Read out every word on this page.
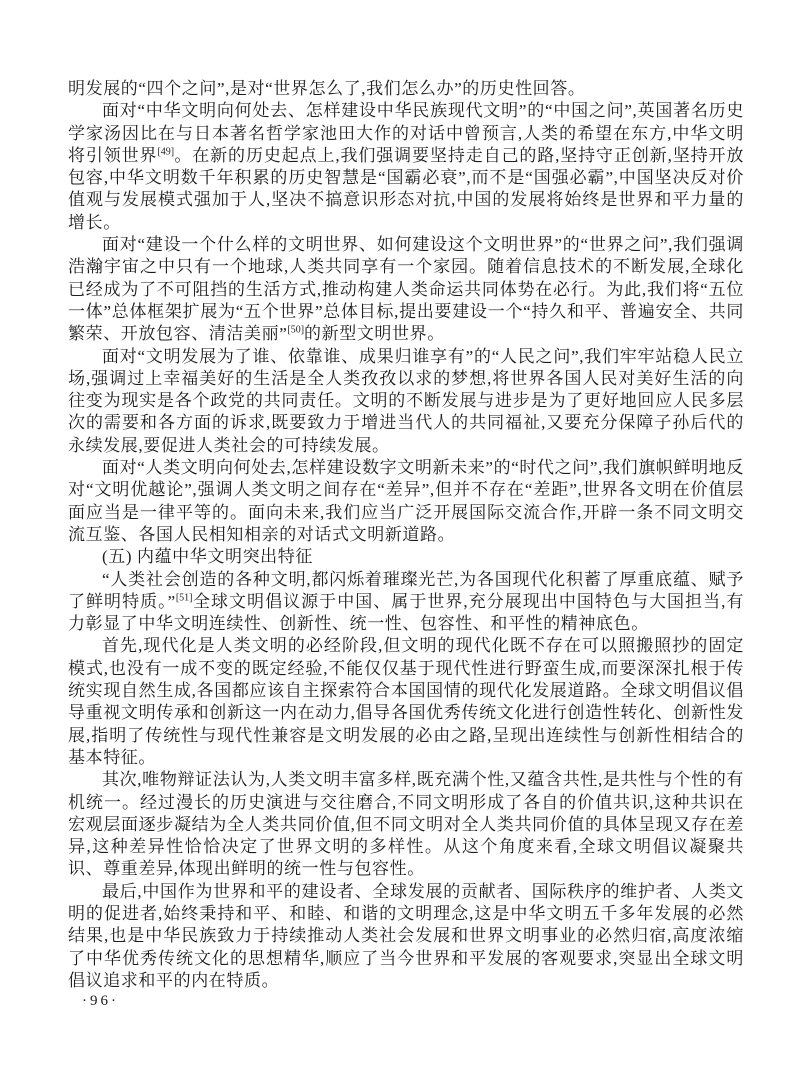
明发展的“四个之问”,是对“世界怎么了,我们怎么办”的历史性回答。

面对“中华文明向何处去、怎样建设中华民族现代文明”的“中国之问”,英国著名历史学家汤因比在与日本著名哲学家池田大作的对话中曾预言,人类的希望在东方,中华文明将引领世界[49]。在新的历史起点上,我们强调要坚持走自己的路,坚持守正创新,坚持开放包容,中华文明数千年积累的历史智慧是“国霸必衰”,而不是“国强必霸”,中国坚决反对价值观与发展模式强加于人,坚决不搞意识形态对抗,中国的发展将始终是世界和平力量的增长。

面对“建设一个什么样的文明世界、如何建设这个文明世界”的“世界之问”,我们强调浩瀚宇宙之中只有一个地球,人类共同享有一个家园。随着信息技术的不断发展,全球化已经成为了不可阻挡的生活方式,推动构建人类命运共同体势在必行。为此,我们将“五位一体”总体框架扩展为“五个世界”总体目标,提出要建设一个“持久和平、普遍安全、共同繁荣、开放包容、清洁美丽”[50]的新型文明世界。

面对“文明发展为了谁、依靠谁、成果归谁享有”的“人民之问”,我们牢牢站稳人民立场,强调过上幸福美好的生活是全人类孜孜以求的梦想,将世界各国人民对美好生活的向往变为现实是各个政党的共同责任。文明的不断发展与进步是为了更好地回应人民多层次的需要和各方面的诉求,既要致力于增进当代人的共同福祉,又要充分保障子孙后代的永续发展,要促进人类社会的可持续发展。

面对“人类文明向何处去,怎样建设数字文明新未来”的“时代之问”,我们旗帜鲜明地反对“文明优越论”,强调人类文明之间存在“差异”,但并不存在“差距”,世界各文明在价值层面应当是一律平等的。面向未来,我们应当广泛开展国际交流合作,开辟一条不同文明交流互鉴、各国人民相知相亲的对话式文明新道路。

(五) 内蕴中华文明突出特征

“人类社会创造的各种文明,都闪烁着璀璨光芒,为各国现代化积蓄了厚重底蕴、赋予了鲜明特质。”[51]全球文明倡议源于中国、属于世界,充分展现出中国特色与大国担当,有力彰显了中华文明连续性、创新性、统一性、包容性、和平性的精神底色。

首先,现代化是人类文明的必经阶段,但文明的现代化既不存在可以照搬照抄的固定模式,也没有一成不变的既定经验,不能仅仅基于现代性进行野蛮生成,而要深深扎根于传统实现自然生成,各国都应该自主探索符合本国国情的现代化发展道路。全球文明倡议倡导重视文明传承和创新这一内在动力,倡导各国优秀传统文化进行创造性转化、创新性发展,指明了传统性与现代性兼容是文明发展的必由之路,呈现出连续性与创新性相结合的基本特征。

其次,唯物辩证法认为,人类文明丰富多样,既充满个性,又蕴含共性,是共性与个性的有机统一。经过漫长的历史演进与交往磨合,不同文明形成了各自的价值共识,这种共识在宏观层面逐步凝结为全人类共同价值,但不同文明对全人类共同价值的具体呈现又存在差异,这种差异性恰恰决定了世界文明的多样性。从这个角度来看,全球文明倡议凝聚共识、尊重差异,体现出鲜明的统一性与包容性。

最后,中国作为世界和平的建设者、全球发展的贡献者、国际秩序的维护者、人类文明的促进者,始终秉持和平、和睦、和谐的文明理念,这是中华文明五千多年发展的必然结果,也是中华民族致力于持续推动人类社会发展和世界文明事业的必然归宿,高度浓缩了中华优秀传统文化的思想精华,顺应了当今世界和平发展的客观要求,突显出全球文明倡议追求和平的内在特质。

·96·
